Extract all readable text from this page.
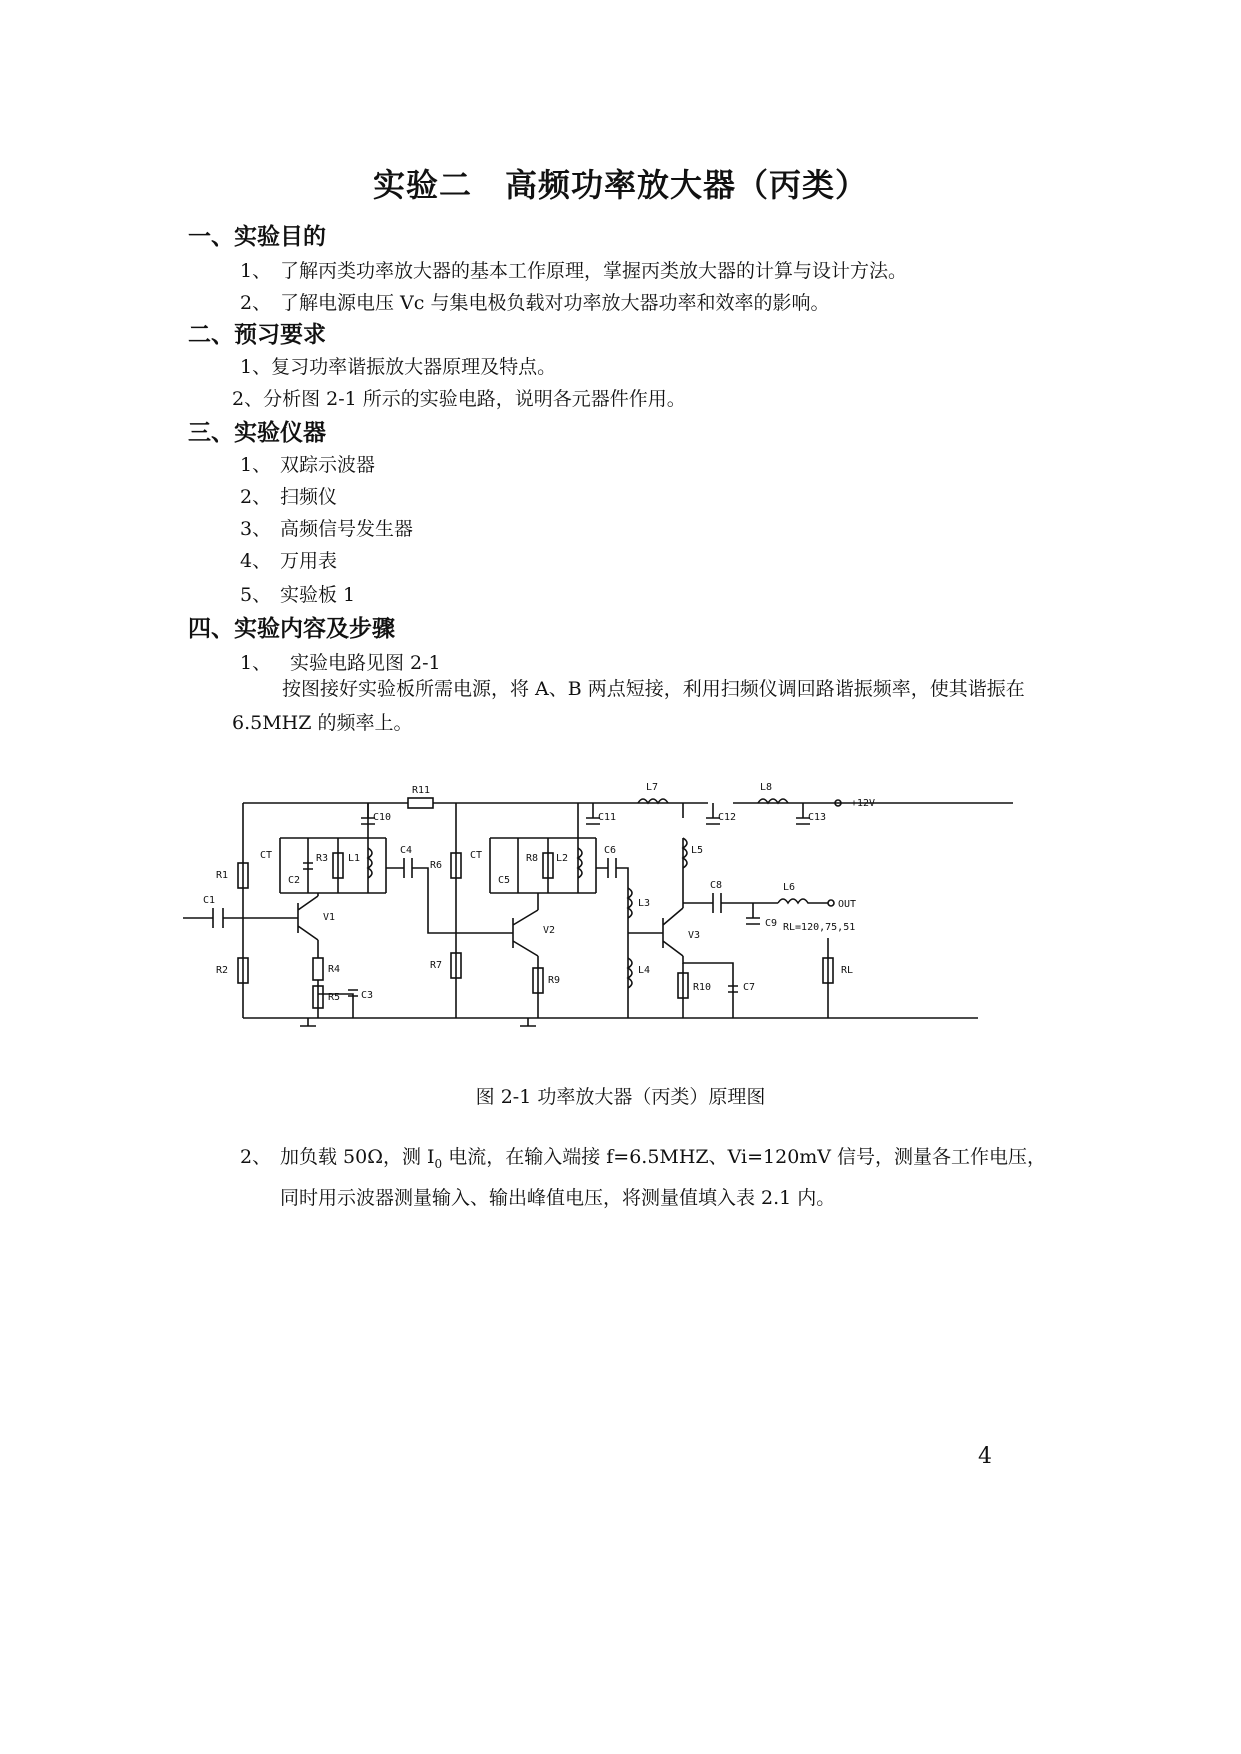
实验二　高频功率放大器（丙类）
一、实验目的
1、 了解丙类功率放大器的基本工作原理，掌握丙类放大器的计算与设计方法。
2、 了解电源电压 Vc 与集电极负载对功率放大器功率和效率的影响。
二、预习要求
1、复习功率谐振放大器原理及特点。
2、分析图 2-1 所示的实验电路，说明各元器件作用。
三、实验仪器
1、 双踪示波器
2、 扫频仪
3、 高频信号发生器
4、 万用表
5、 实验板 1
四、实验内容及步骤
1、 实验电路见图 2-1
按图接好实验板所需电源，将 A、B 两点短接，利用扫频仪调回路谐振频率，使其谐振在 6.5MHZ 的频率上。
R11
C10
L7
C11
L8
C12	C13
+12V
R1
R2
C1
CT
C2
R3 L1
C4
V1
R4
R5 C3
R6
R7
CT
C5
R8 L2
C6
V2
R9
L3
L4
L5
V3
R10	C7
C8
C9
L6
OUT
RL=120,75,51
RL
图 2-1 功率放大器（丙类）原理图
2、 加负载 50Ω，测 $I_0$ 电流，在输入端接 f=6.5MHZ、Vi=120mV 信号，测量各工作电压，同时用示波器测量输入、输出峰值电压，将测量值填入表 2.1 内。
4
